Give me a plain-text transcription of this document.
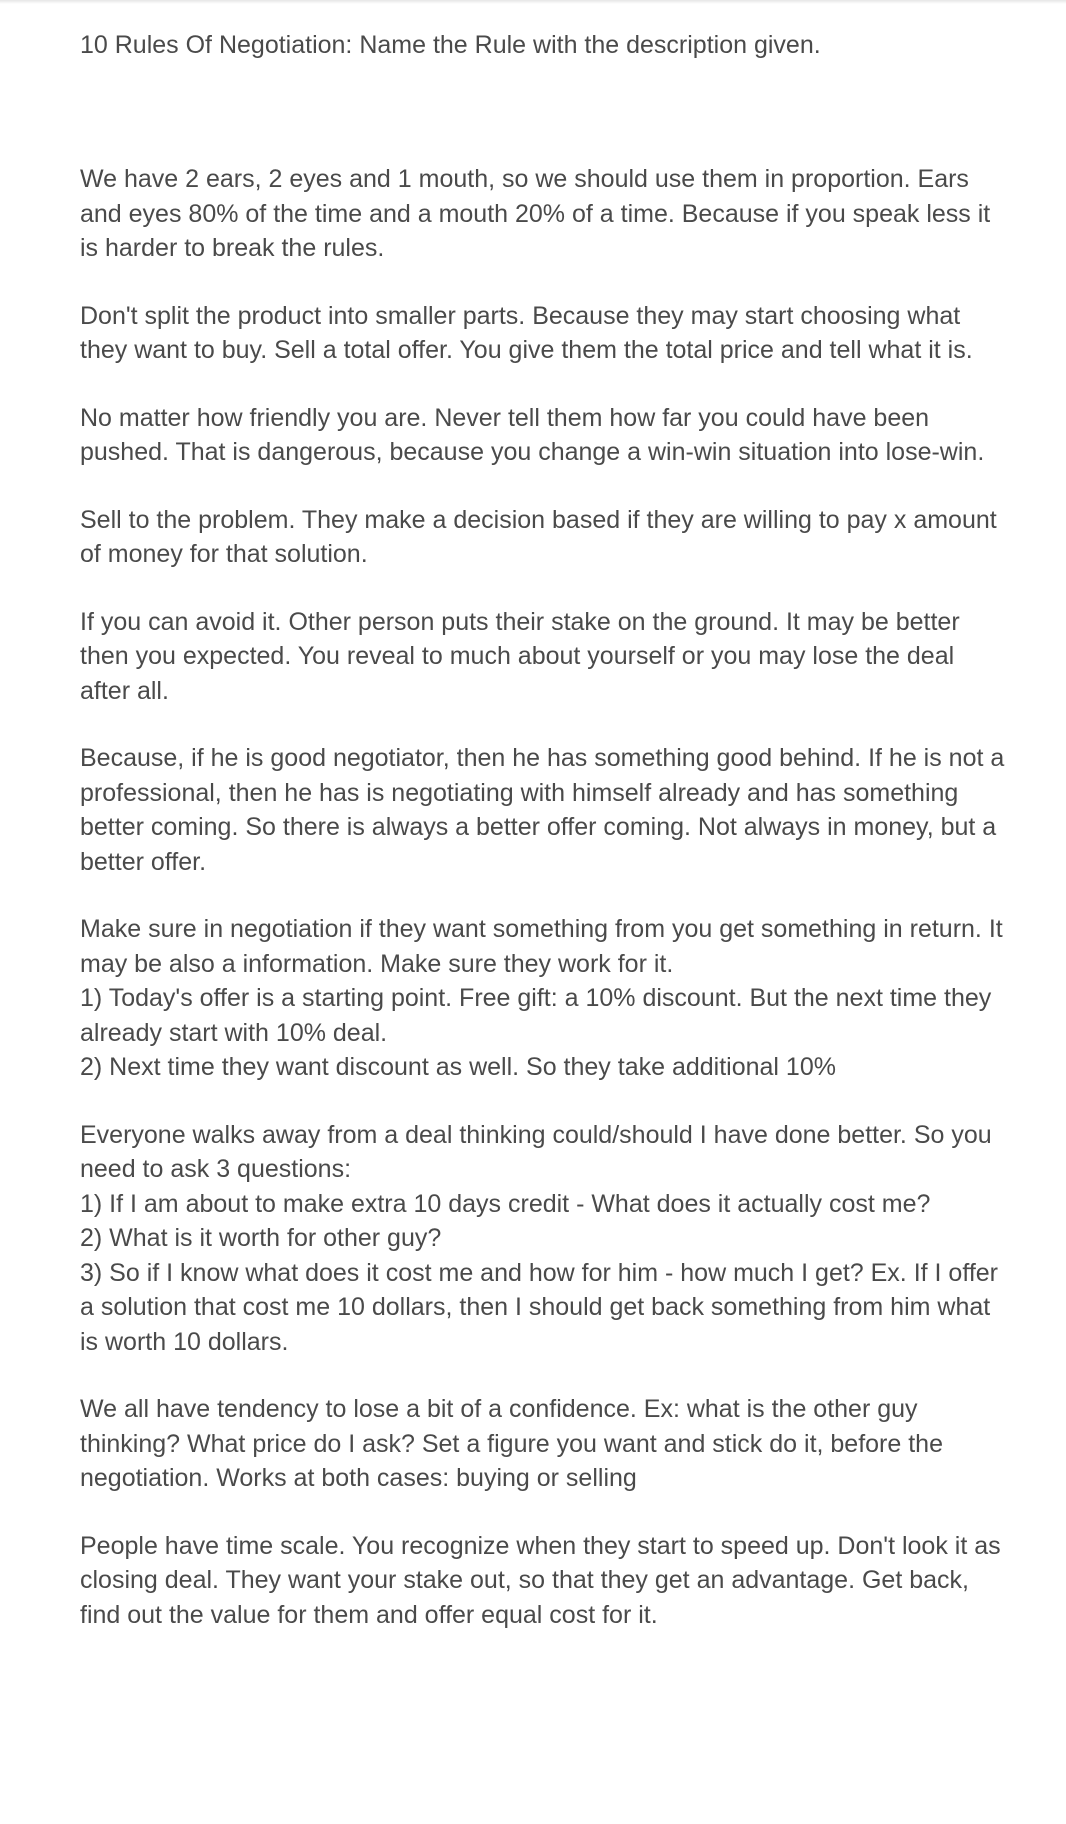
10 Rules Of Negotiation: Name the Rule with the description given.

We have 2 ears, 2 eyes and 1 mouth, so we should use them in proportion. Ears and eyes 80% of the time and a mouth 20% of a time. Because if you speak less it is harder to break the rules.

Don't split the product into smaller parts. Because they may start choosing what they want to buy. Sell a total offer. You give them the total price and tell what it is.

No matter how friendly you are. Never tell them how far you could have been pushed. That is dangerous, because you change a win-win situation into lose-win.

Sell to the problem. They make a decision based if they are willing to pay x amount of money for that solution.

If you can avoid it. Other person puts their stake on the ground. It may be better then you expected. You reveal to much about yourself or you may lose the deal after all.

Because, if he is good negotiator, then he has something good behind. If he is not a professional, then he has is negotiating with himself already and has something better coming. So there is always a better offer coming. Not always in money, but a better offer.

Make sure in negotiation if they want something from you get something in return. It may be also a information. Make sure they work for it.

1) Today's offer is a starting point. Free gift: a 10% discount. But the next time they already start with 10% deal.

2) Next time they want discount as well. So they take additional 10%

Everyone walks away from a deal thinking could/should I have done better. So you need to ask 3 questions:

1) If I am about to make extra 10 days credit - What does it actually cost me?

2) What is it worth for other guy?

3) So if I know what does it cost me and how for him - how much I get? Ex. If I offer a solution that cost me 10 dollars, then I should get back something from him what is worth 10 dollars.

We all have tendency to lose a bit of a confidence. Ex: what is the other guy thinking? What price do I ask? Set a figure you want and stick do it, before the negotiation. Works at both cases: buying or selling

People have time scale. You recognize when they start to speed up. Don't look it as closing deal. They want your stake out, so that they get an advantage. Get back, find out the value for them and offer equal cost for it.
